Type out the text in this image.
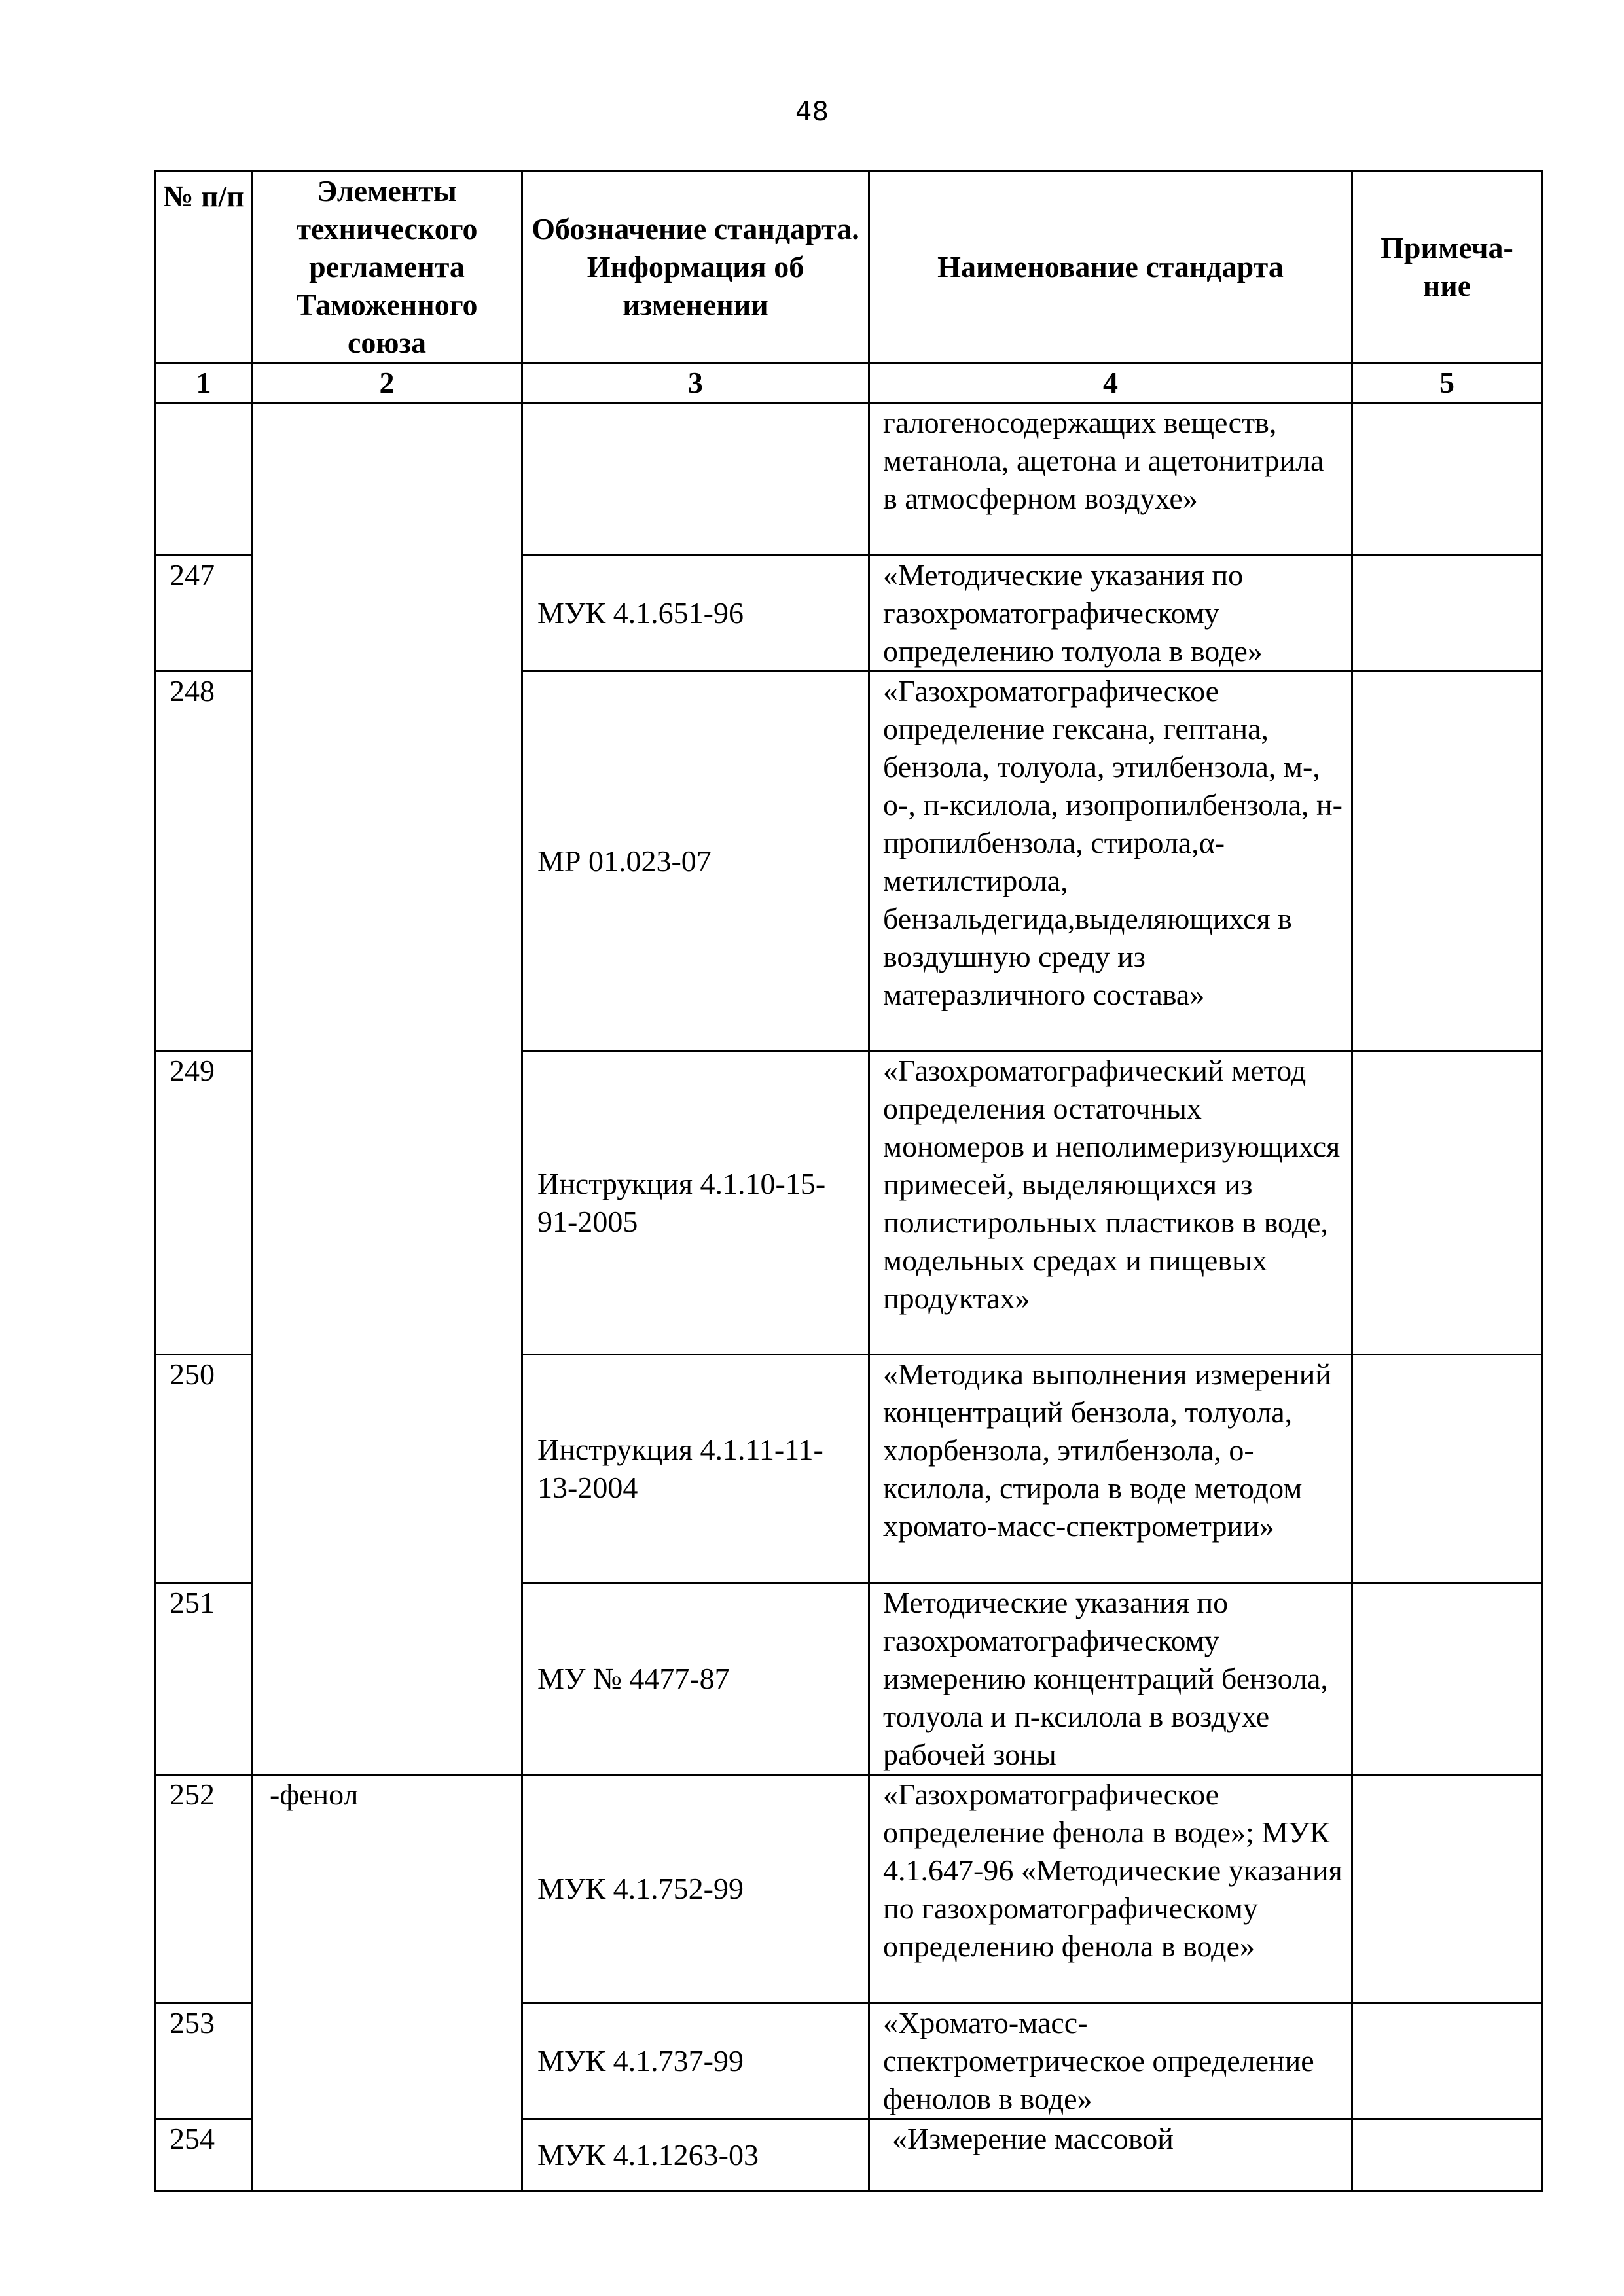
48
№ п/п	Элементы технического регламента Таможенного союза	Обозначение стандарта. Информация об изменении	Наименование стандарта	Примеча-ние
1	2	3	4	5
			галогеносодержащих веществ, метанола, ацетона и ацетонитрила в атмосферном воздухе»	
247		МУК 4.1.651-96	«Методические указания по газохроматографическому определению толуола в воде»	
248		МР 01.023-07	«Газохроматографическое определение гексана, гептана, бензола, толуола, этилбензола, м-, о-, п-ксилола, изопропилбензола, н-пропилбензола, стирола,α-метилстирола, бензальдегида,выделяющихся в воздушную среду из матеразличного состава»	
249		Инструкция 4.1.10-15-91-2005	«Газохроматографический метод определения остаточных мономеров и неполимеризующихся примесей, выделяющихся из полистирольных пластиков в воде, модельных средах и пищевых продуктах»	
250		Инструкция 4.1.11-11-13-2004	«Методика выполнения измерений концентраций бензола, толуола, хлорбензола, этилбензола, о-ксилола, стирола в воде методом хромато-масс-спектрометрии»	
251		МУ № 4477-87	Методические указания по газохроматографическому измерению концентраций бензола, толуола и п-ксилола в воздухе рабочей зоны	
252	-фенол	МУК 4.1.752-99	«Газохроматографическое определение фенола в воде»; МУК 4.1.647-96 «Методические указания по газохроматографическому определению фенола в воде»	
253		МУК 4.1.737-99	«Хромато-масс-спектрометрическое определение фенолов в воде»	
254		МУК 4.1.1263-03	«Измерение массовой	
